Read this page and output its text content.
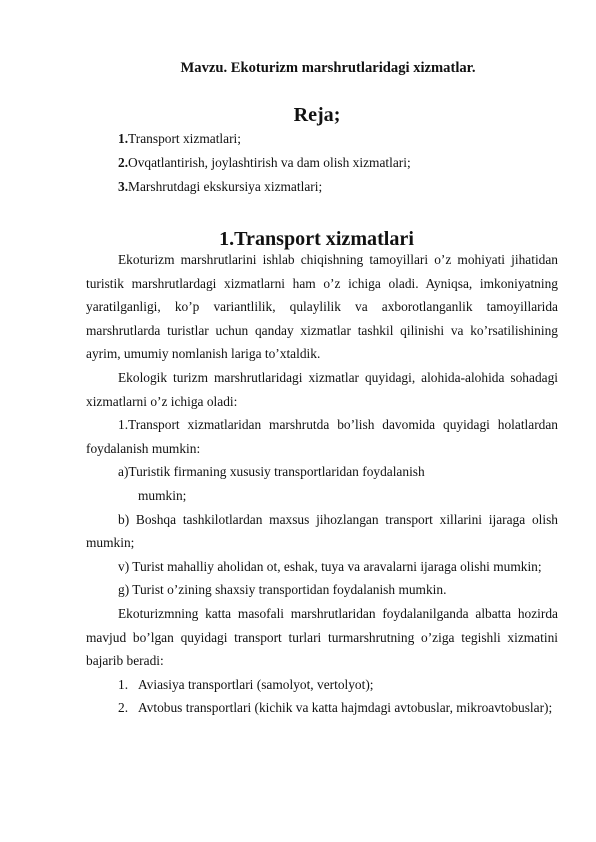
Mavzu. Ekoturizm marshrutlaridagi xizmatlar.
Reja;
1.Transport xizmatlari;
2.Ovqatlantirish, joylashtirish va dam olish xizmatlari;
3.Marshrutdagi ekskursiya xizmatlari;
1.Transport xizmatlari

Ekoturizm marshrutlarini ishlab chiqishning tamoyillari o’z mohiyati jihatidan turistik marshrutlardagi xizmatlarni ham o’z ichiga oladi. Ayniqsa, imkoniyatning yaratilganligi, ko’p variantlilik, qulaylilik va axborotlanganlik tamoyillarida marshrutlarda turistlar uchun qanday xizmatlar tashkil qilinishi va ko’rsatilishining ayrim, umumiy nomlanish lariga to’xtaldik.

Ekologik turizm marshrutlaridagi xizmatlar quyidagi, alohida-alohida sohadagi xizmatlarni o’z ichiga oladi:

1.Transport xizmatlaridan marshrutda bo’lish davomida quyidagi holatlardan foydalanish mumkin:

a)Turistik firmaning xususiy transportlaridan foydalanish

mumkin;

b) Boshqa tashkilotlardan maxsus jihozlangan transport xillarini ijaraga olish mumkin;

v) Turist mahalliy aholidan ot, eshak, tuya va aravalarni ijaraga olishi mumkin;

g) Turist o’zining shaxsiy transportidan foydalanish mumkin.

Ekoturizmning katta masofali marshrutlaridan foydalanilganda albatta hozirda mavjud bo’lgan quyidagi transport turlari turmarshrutning o’ziga tegishli xizmatini bajarib beradi:

1. Aviasiya transportlari (samolyot, vertolyot);
2. Avtobus transportlari (kichik va katta hajmdagi avtobuslar, mikroavtobuslar);
